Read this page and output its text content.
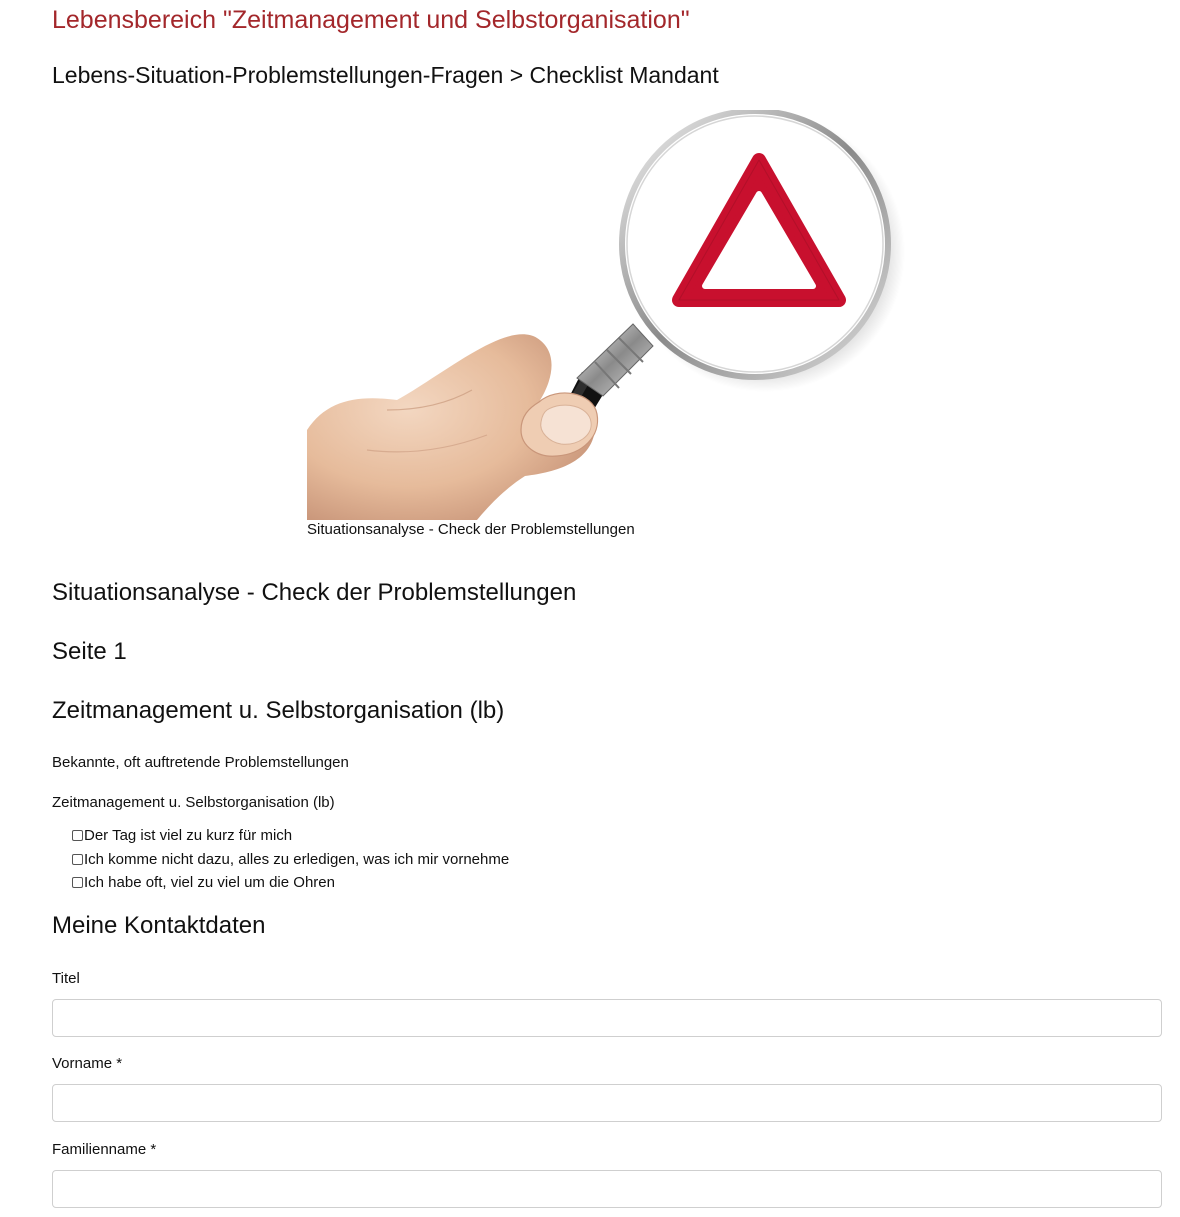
Lebensbereich "Zeitmanagement und Selbstorganisation"
Lebens-Situation-Problemstellungen-Fragen > Checklist Mandant
Situationsanalyse - Check der Problemstellungen
Situationsanalyse - Check der Problemstellungen
Seite 1
Zeitmanagement u. Selbstorganisation (lb)
Bekannte, oft auftretende Problemstellungen
Zeitmanagement u. Selbstorganisation (lb)
Der Tag ist viel zu kurz für mich
Ich komme nicht dazu, alles zu erledigen, was ich mir vornehme
Ich habe oft, viel zu viel um die Ohren
Meine Kontaktdaten
Titel
Vorname *
Familienname *
